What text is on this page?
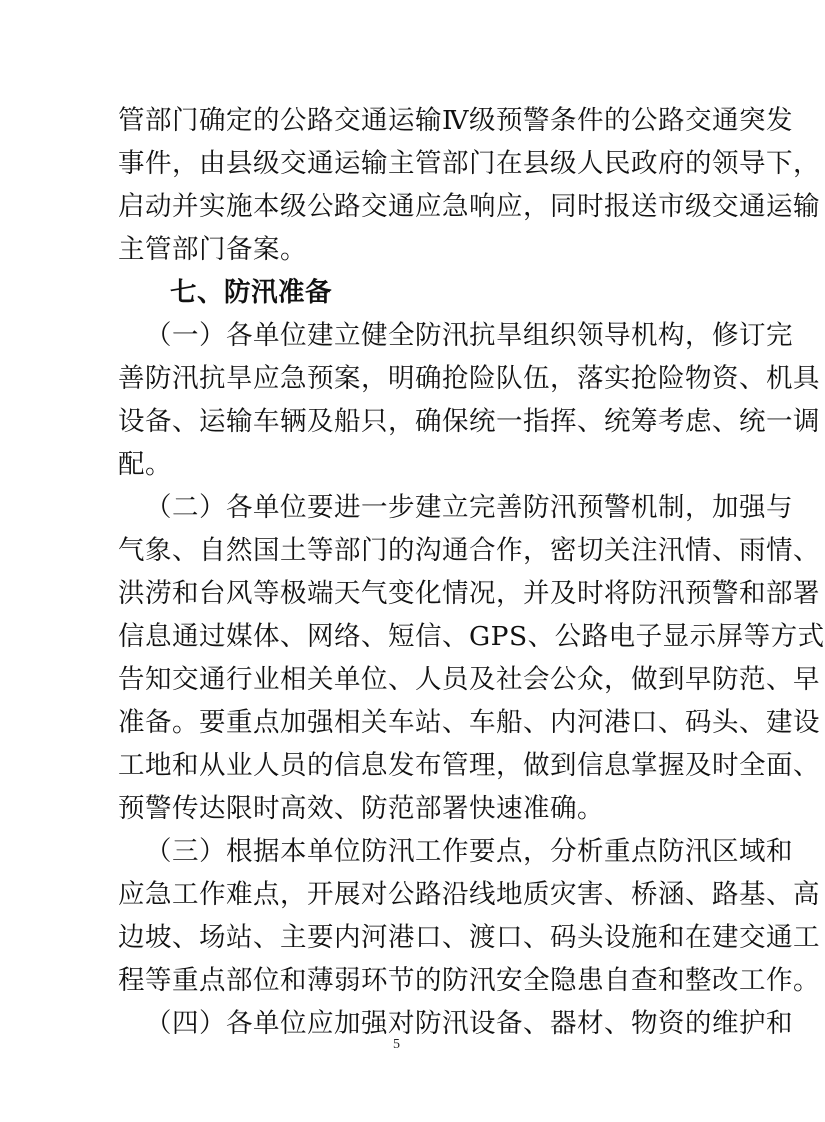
管部门确定的公路交通运输Ⅳ级预警条件的公路交通突发
事件，由县级交通运输主管部门在县级人民政府的领导下，
启动并实施本级公路交通应急响应，同时报送市级交通运输
主管部门备案。
七、防汛准备
（一）各单位建立健全防汛抗旱组织领导机构，修订完
善防汛抗旱应急预案，明确抢险队伍，落实抢险物资、机具
设备、运输车辆及船只，确保统一指挥、统筹考虑、统一调
配。
（二）各单位要进一步建立完善防汛预警机制，加强与
气象、自然国土等部门的沟通合作，密切关注汛情、雨情、
洪涝和台风等极端天气变化情况，并及时将防汛预警和部署
信息通过媒体、网络、短信、GPS、公路电子显示屏等方式
告知交通行业相关单位、人员及社会公众，做到早防范、早
准备。要重点加强相关车站、车船、内河港口、码头、建设
工地和从业人员的信息发布管理，做到信息掌握及时全面、
预警传达限时高效、防范部署快速准确。
5
（三）根据本单位防汛工作要点，分析重点防汛区域和
应急工作难点，开展对公路沿线地质灾害、桥涵、路基、高
边坡、场站、主要内河港口、渡口、码头设施和在建交通工
程等重点部位和薄弱环节的防汛安全隐患自查和整改工作。
（四）各单位应加强对防汛设备、器材、物资的维护和
